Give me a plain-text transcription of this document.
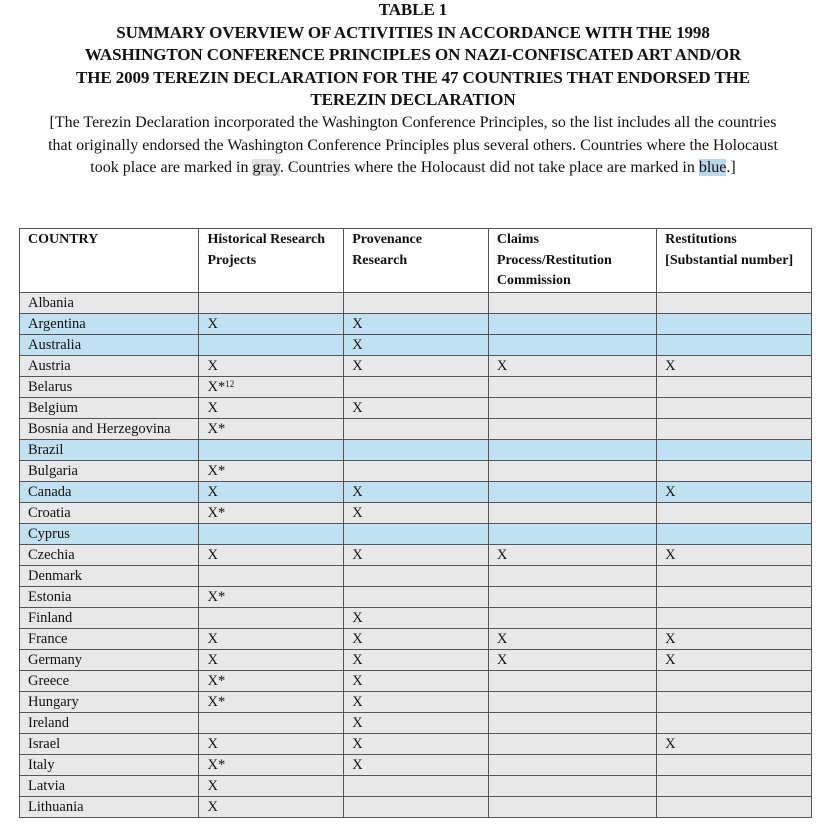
TABLE 1
SUMMARY OVERVIEW OF ACTIVITIES IN ACCORDANCE WITH THE 1998
WASHINGTON CONFERENCE PRINCIPLES ON NAZI-CONFISCATED ART AND/OR
THE 2009 TEREZIN DECLARATION FOR THE 47 COUNTRIES THAT ENDORSED THE
TEREZIN DECLARATION
[The Terezin Declaration incorporated the Washington Conference Principles, so the list includes all the countries that originally endorsed the Washington Conference Principles plus several others. Countries where the Holocaust took place are marked in gray. Countries where the Holocaust did not take place are marked in blue.]
COUNTRY	Historical Research Projects	Provenance Research	Claims Process/Restitution Commission	Restitutions [Substantial number]
Albania				
Argentina	X	X		
Australia		X		
Austria	X	X	X	X
Belarus	X*$^{12}$			
Belgium	X	X		
Bosnia and Herzegovina	X*			
Brazil				
Bulgaria	X*			
Canada	X	X		X
Croatia	X*	X		
Cyprus				
Czechia	X	X	X	X
Denmark				
Estonia	X*			
Finland		X		
France	X	X	X	X
Germany	X	X	X	X
Greece	X*	X		
Hungary	X*	X		
Ireland		X		
Israel	X	X		X
Italy	X*	X		
Latvia	X			
Lithuania	X			
